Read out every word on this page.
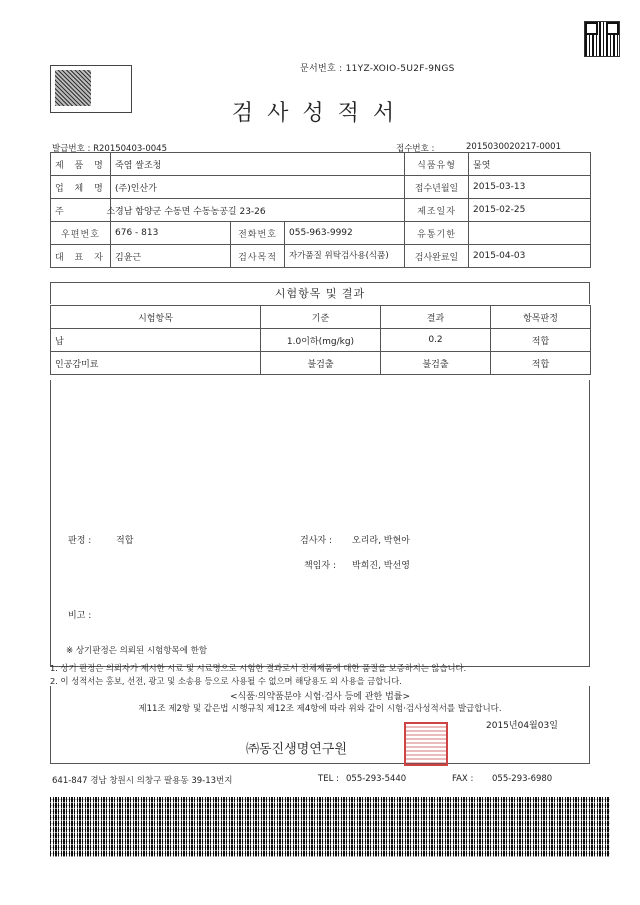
문서번호 : 11YZ-XOIO-5U2F-9NGS
검사성적서
발급번호 : R20150403-0045	접수번호 :	2015030020217-0001
제 품 명	죽염 쌀조청			식품유형	물엿
업 체 명	(주)인산가			접수년월일	2015-03-13
주 소	경남 함양군 수동면 수동농공길 23-26			제조일자	2015-02-25
우편번호	676 - 813	전화번호	055-963-9992	유통기한	
대 표 자	김윤근	검사목적	자가품질 위탁검사용(식품)	검사완료일	2015-04-03
시험항목 및 결과
시험항목	기준	결과	항목판정
납	1.0이하(mg/kg)	0.2	적합
인공감미료	불검출	불검출	적합
판정 :	적합	검사자 : 오리라, 박현아
책임자 : 박희진, 박선영
비고 :
※ 상기판정은 의뢰된 시험항목에 한함
1. 상기 판정은 의뢰자가 제시한 시료 및 시료명으로 시험한 결과로서 전체제품에 대한 품질을 보증하지는 않습니다.
2. 이 성적서는 홍보, 선전, 광고 및 소송용 등으로 사용될 수 없으며 해당용도 외 사용을 금합니다.
<식품·의약품분야 시험·검사 등에 관한 법률>
제11조 제2항 및 같은법 시행규칙 제12조 제4항에 따라 위와 같이 시험·검사성적서를 발급합니다.
2015년04월03일
㈜동진생명연구원
641-847 경남 창원시 의창구 팔용동 39-13번지	TEL : 055-293-5440	FAX : 055-293-6980
